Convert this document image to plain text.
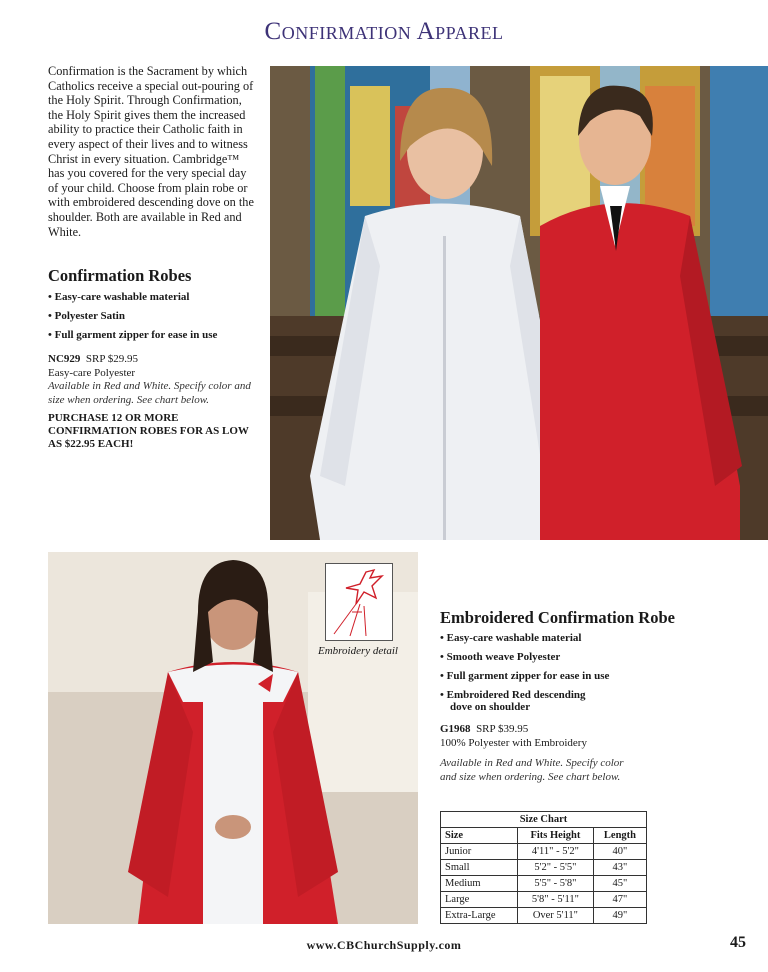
Confirmation Apparel
Confirmation is the Sacrament by which Catholics receive a special out-pouring of the Holy Spirit. Through Confirmation, the Holy Spirit gives them the increased ability to practice their Catholic faith in every aspect of their lives and to witness Christ in every situation. Cambridge™ has you covered for the very special day of your child. Choose from plain robe or with embroidered descending dove on the shoulder. Both are available in Red and White.
Confirmation Robes
• Easy-care washable material
• Polyester Satin
• Full garment zipper for ease in use
NC929 SRP $29.95
Easy-care Polyester
Available in Red and White. Specify color and size when ordering. See chart below.
PURCHASE 12 OR MORE CONFIRMATION ROBES FOR AS LOW AS $22.95 EACH!
Embroidery detail
Embroidered Confirmation Robe
• Easy-care washable material
• Smooth weave Polyester
• Full garment zipper for ease in use
• Embroidered Red descending
dove on shoulder
G1968 SRP $39.95
100% Polyester with Embroidery
Available in Red and White. Specify color and size when ordering. See chart below.
Size Chart		
Size	Fits Height	Length
Junior	4'11" - 5'2"	40"
Small	5'2" - 5'5"	43"
Medium	5'5" - 5'8"	45"
Large	5'8" - 5'11"	47"
Extra-Large	Over 5'11"	49"
www.CBChurchSupply.com	45
